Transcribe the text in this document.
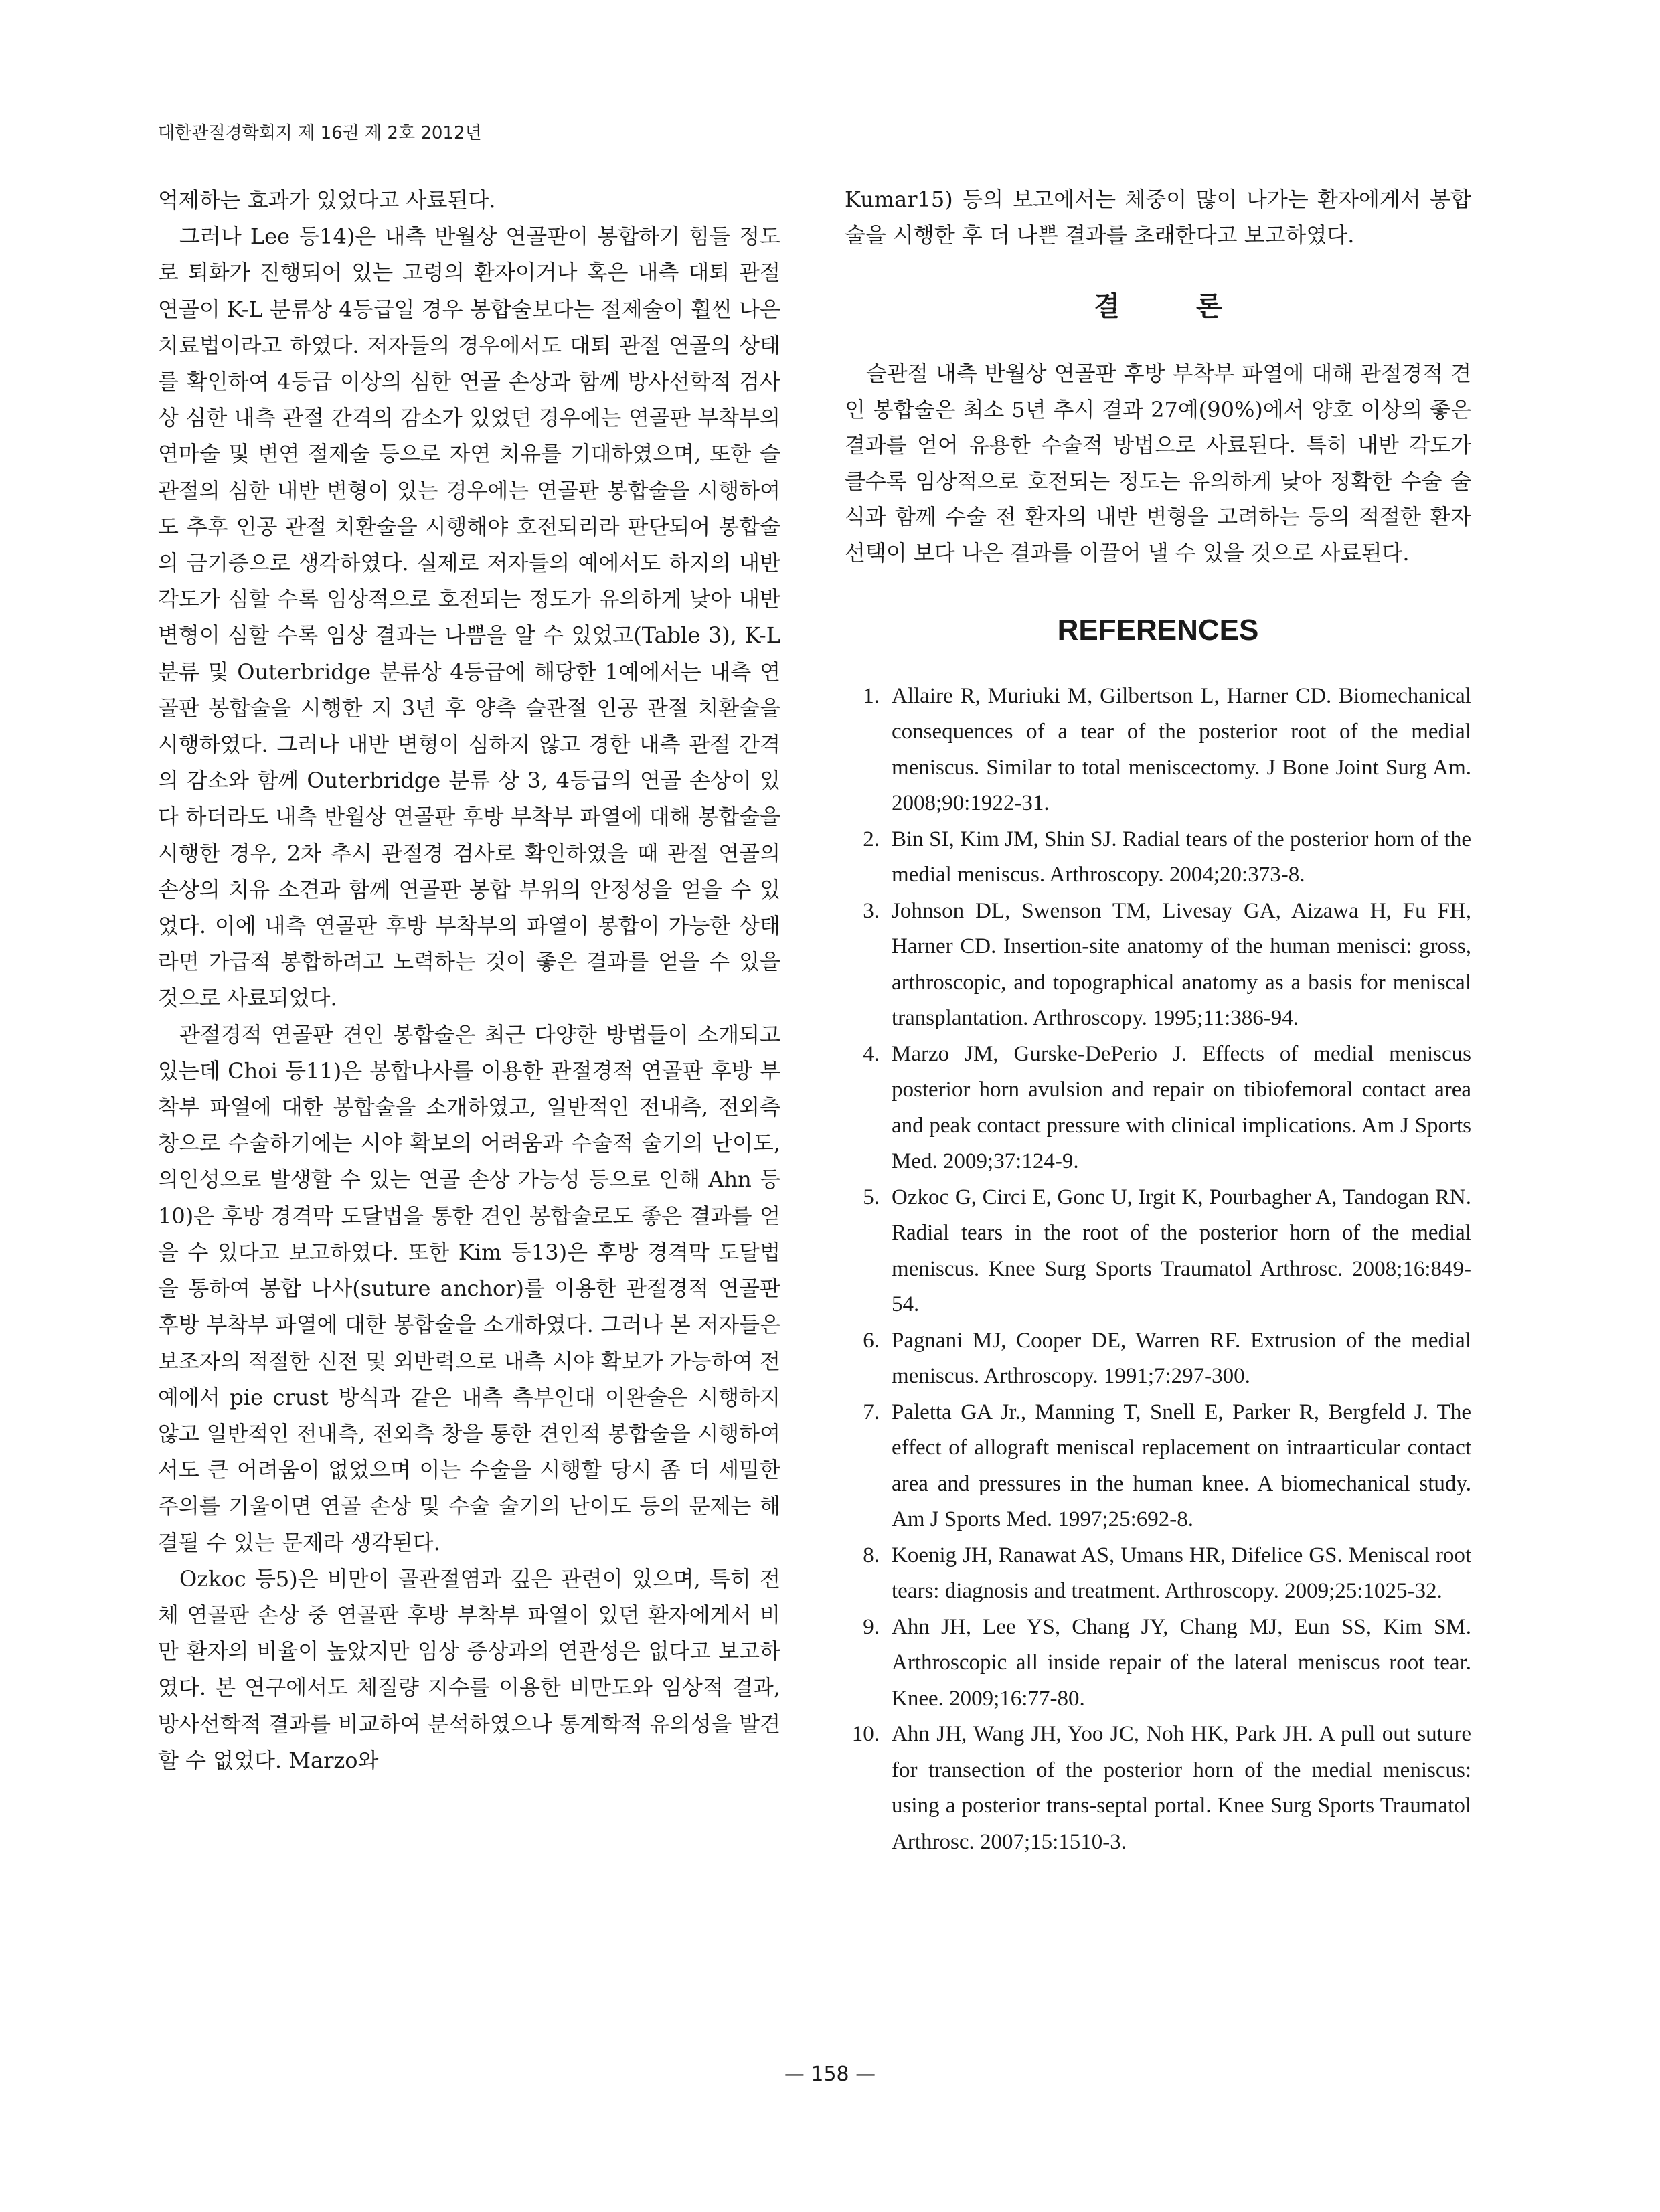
대한관절경학회지 제 16권 제 2호 2012년

억제하는 효과가 있었다고 사료된다.

그러나 Lee 등14)은 내측 반월상 연골판이 봉합하기 힘들 정도로 퇴화가 진행되어 있는 고령의 환자이거나 혹은 내측 대퇴 관절 연골이 K-L 분류상 4등급일 경우 봉합술보다는 절제술이 훨씬 나은 치료법이라고 하였다. 저자들의 경우에서도 대퇴 관절 연골의 상태를 확인하여 4등급 이상의 심한 연골 손상과 함께 방사선학적 검사상 심한 내측 관절 간격의 감소가 있었던 경우에는 연골판 부착부의 연마술 및 변연 절제술 등으로 자연 치유를 기대하였으며, 또한 슬관절의 심한 내반 변형이 있는 경우에는 연골판 봉합술을 시행하여도 추후 인공 관절 치환술을 시행해야 호전되리라 판단되어 봉합술의 금기증으로 생각하였다. 실제로 저자들의 예에서도 하지의 내반 각도가 심할 수록 임상적으로 호전되는 정도가 유의하게 낮아 내반 변형이 심할 수록 임상 결과는 나쁨을 알 수 있었고(Table 3), K-L 분류 및 Outerbridge 분류상 4등급에 해당한 1예에서는 내측 연골판 봉합술을 시행한 지 3년 후 양측 슬관절 인공 관절 치환술을 시행하였다. 그러나 내반 변형이 심하지 않고 경한 내측 관절 간격의 감소와 함께 Outerbridge 분류 상 3, 4등급의 연골 손상이 있다 하더라도 내측 반월상 연골판 후방 부착부 파열에 대해 봉합술을 시행한 경우, 2차 추시 관절경 검사로 확인하였을 때 관절 연골의 손상의 치유 소견과 함께 연골판 봉합 부위의 안정성을 얻을 수 있었다. 이에 내측 연골판 후방 부착부의 파열이 봉합이 가능한 상태라면 가급적 봉합하려고 노력하는 것이 좋은 결과를 얻을 수 있을 것으로 사료되었다.

관절경적 연골판 견인 봉합술은 최근 다양한 방법들이 소개되고 있는데 Choi 등11)은 봉합나사를 이용한 관절경적 연골판 후방 부착부 파열에 대한 봉합술을 소개하였고, 일반적인 전내측, 전외측 창으로 수술하기에는 시야 확보의 어려움과 수술적 술기의 난이도, 의인성으로 발생할 수 있는 연골 손상 가능성 등으로 인해 Ahn 등10)은 후방 경격막 도달법을 통한 견인 봉합술로도 좋은 결과를 얻을 수 있다고 보고하였다. 또한 Kim 등13)은 후방 경격막 도달법을 통하여 봉합 나사(suture anchor)를 이용한 관절경적 연골판 후방 부착부 파열에 대한 봉합술을 소개하였다. 그러나 본 저자들은 보조자의 적절한 신전 및 외반력으로 내측 시야 확보가 가능하여 전 예에서 pie crust 방식과 같은 내측 측부인대 이완술은 시행하지 않고 일반적인 전내측, 전외측 창을 통한 견인적 봉합술을 시행하여서도 큰 어려움이 없었으며 이는 수술을 시행할 당시 좀 더 세밀한 주의를 기울이면 연골 손상 및 수술 술기의 난이도 등의 문제는 해결될 수 있는 문제라 생각된다.

Ozkoc 등5)은 비만이 골관절염과 깊은 관련이 있으며, 특히 전체 연골판 손상 중 연골판 후방 부착부 파열이 있던 환자에게서 비만 환자의 비율이 높았지만 임상 증상과의 연관성은 없다고 보고하였다. 본 연구에서도 체질량 지수를 이용한 비만도와 임상적 결과, 방사선학적 결과를 비교하여 분석하였으나 통계학적 유의성을 발견할 수 없었다. Marzo와

Kumar15) 등의 보고에서는 체중이 많이 나가는 환자에게서 봉합술을 시행한 후 더 나쁜 결과를 초래한다고 보고하였다.

결 론

슬관절 내측 반월상 연골판 후방 부착부 파열에 대해 관절경적 견인 봉합술은 최소 5년 추시 결과 27예(90%)에서 양호 이상의 좋은 결과를 얻어 유용한 수술적 방법으로 사료된다. 특히 내반 각도가 클수록 임상적으로 호전되는 정도는 유의하게 낮아 정확한 수술 술식과 함께 수술 전 환자의 내반 변형을 고려하는 등의 적절한 환자 선택이 보다 나은 결과를 이끌어 낼 수 있을 것으로 사료된다.

REFERENCES
1. Allaire R, Muriuki M, Gilbertson L, Harner CD. Biomechanical consequences of a tear of the posterior root of the medial meniscus. Similar to total meniscectomy. J Bone Joint Surg Am. 2008;90:1922-31.
2. Bin SI, Kim JM, Shin SJ. Radial tears of the posterior horn of the medial meniscus. Arthroscopy. 2004;20:373-8.
3. Johnson DL, Swenson TM, Livesay GA, Aizawa H, Fu FH, Harner CD. Insertion-site anatomy of the human menisci: gross, arthroscopic, and topographical anatomy as a basis for meniscal transplantation. Arthroscopy. 1995;11:386-94.
4. Marzo JM, Gurske-DePerio J. Effects of medial meniscus posterior horn avulsion and repair on tibiofemoral contact area and peak contact pressure with clinical implications. Am J Sports Med. 2009;37:124-9.
5. Ozkoc G, Circi E, Gonc U, Irgit K, Pourbagher A, Tandogan RN. Radial tears in the root of the posterior horn of the medial meniscus. Knee Surg Sports Traumatol Arthrosc. 2008;16:849-54.
6. Pagnani MJ, Cooper DE, Warren RF. Extrusion of the medial meniscus. Arthroscopy. 1991;7:297-300.
7. Paletta GA Jr., Manning T, Snell E, Parker R, Bergfeld J. The effect of allograft meniscal replacement on intraarticular contact area and pressures in the human knee. A biomechanical study. Am J Sports Med. 1997;25:692-8.
8. Koenig JH, Ranawat AS, Umans HR, Difelice GS. Meniscal root tears: diagnosis and treatment. Arthroscopy. 2009;25:1025-32.
9. Ahn JH, Lee YS, Chang JY, Chang MJ, Eun SS, Kim SM. Arthroscopic all inside repair of the lateral meniscus root tear. Knee. 2009;16:77-80.
10. Ahn JH, Wang JH, Yoo JC, Noh HK, Park JH. A pull out suture for transection of the posterior horn of the medial meniscus: using a posterior trans-septal portal. Knee Surg Sports Traumatol Arthrosc. 2007;15:1510-3.
— 158 —
